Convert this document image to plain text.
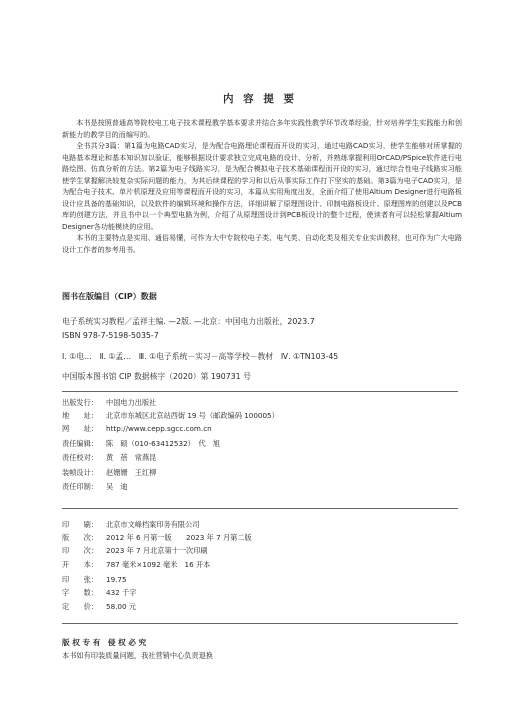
内 容 提 要

本书是按照普通高等院校电工电子技术课程教学基本要求并结合多年实践性教学环节改革经验，针对培养学生实践能力和创新能力的教学目的而编写的。

全书共分3篇：第1篇为电路CAD实习，是为配合电路理论课程而开设的实习，通过电路CAD实习，使学生能够对所掌握的电路基本理论和基本知识加以验证，能够根据设计要求独立完成电路的设计、分析，并熟练掌握利用OrCAD/PSpice软件进行电路绘图、仿真分析的方法。第2篇为电子线路实习，是为配合模拟电子技术基础课程而开设的实习，通过综合性电子线路实习能使学生掌握解决较复杂实际问题的能力，为其后续课程的学习和以后从事实际工作打下坚实的基础。第3篇为电子CAD实习，是为配合电子技术、单片机原理及应用等课程而开设的实习，本篇从实用角度出发，全面介绍了使用Altium Designer进行电路板设计应具备的基础知识，以及软件的编辑环境和操作方法，详细讲解了原理图设计、印制电路板设计、原理图库的创建以及PCB库的创建方法，并且书中以一个典型电路为例，介绍了从原理图设计到PCB板设计的整个过程，使读者有可以轻松掌握Altium Designer各功能模块的应用。

本书的主要特点是实用、通俗易懂，可作为大中专院校电子类、电气类、自动化类及相关专业实训教材，也可作为广大电路设计工作者的参考用书。

图书在版编目（CIP）数据
电子系统实习教程／孟祥主编. —2版. —北京：中国电力出版社，2023.7
ISBN 978-7-5198-5035-7
Ⅰ. ①电…　Ⅱ. ①孟…　Ⅲ. ①电子系统－实习－高等学校－教材　Ⅳ. ①TN103-45
中国版本图书馆 CIP 数据核字（2020）第 190731 号
出版发行： 中国电力出版社
地　　址： 北京市东城区北京站西街 19 号（邮政编码 100005）
网　　址： http://www.cepp.sgcc.com.cn
责任编辑： 陈　硕（010-63412532）　代　旭
责任校对： 黄　蓓　常燕昆
装帧设计： 赵姗姗　王红柳
责任印制： 吴　迪
印　　刷： 北京市文峰档案印务有限公司
版　　次： 2012 年 6 月第一版　　2023 年 7 月第二版
印　　次： 2023 年 7 月北京第十一次印刷
开　　本： 787 毫米×1092 毫米　16 开本
印　　张： 19.75
字　　数： 432 千字
定　　价： 58.00 元
版 权 专 有　侵 权 必 究
本书如有印装质量问题，我社营销中心负责退换
